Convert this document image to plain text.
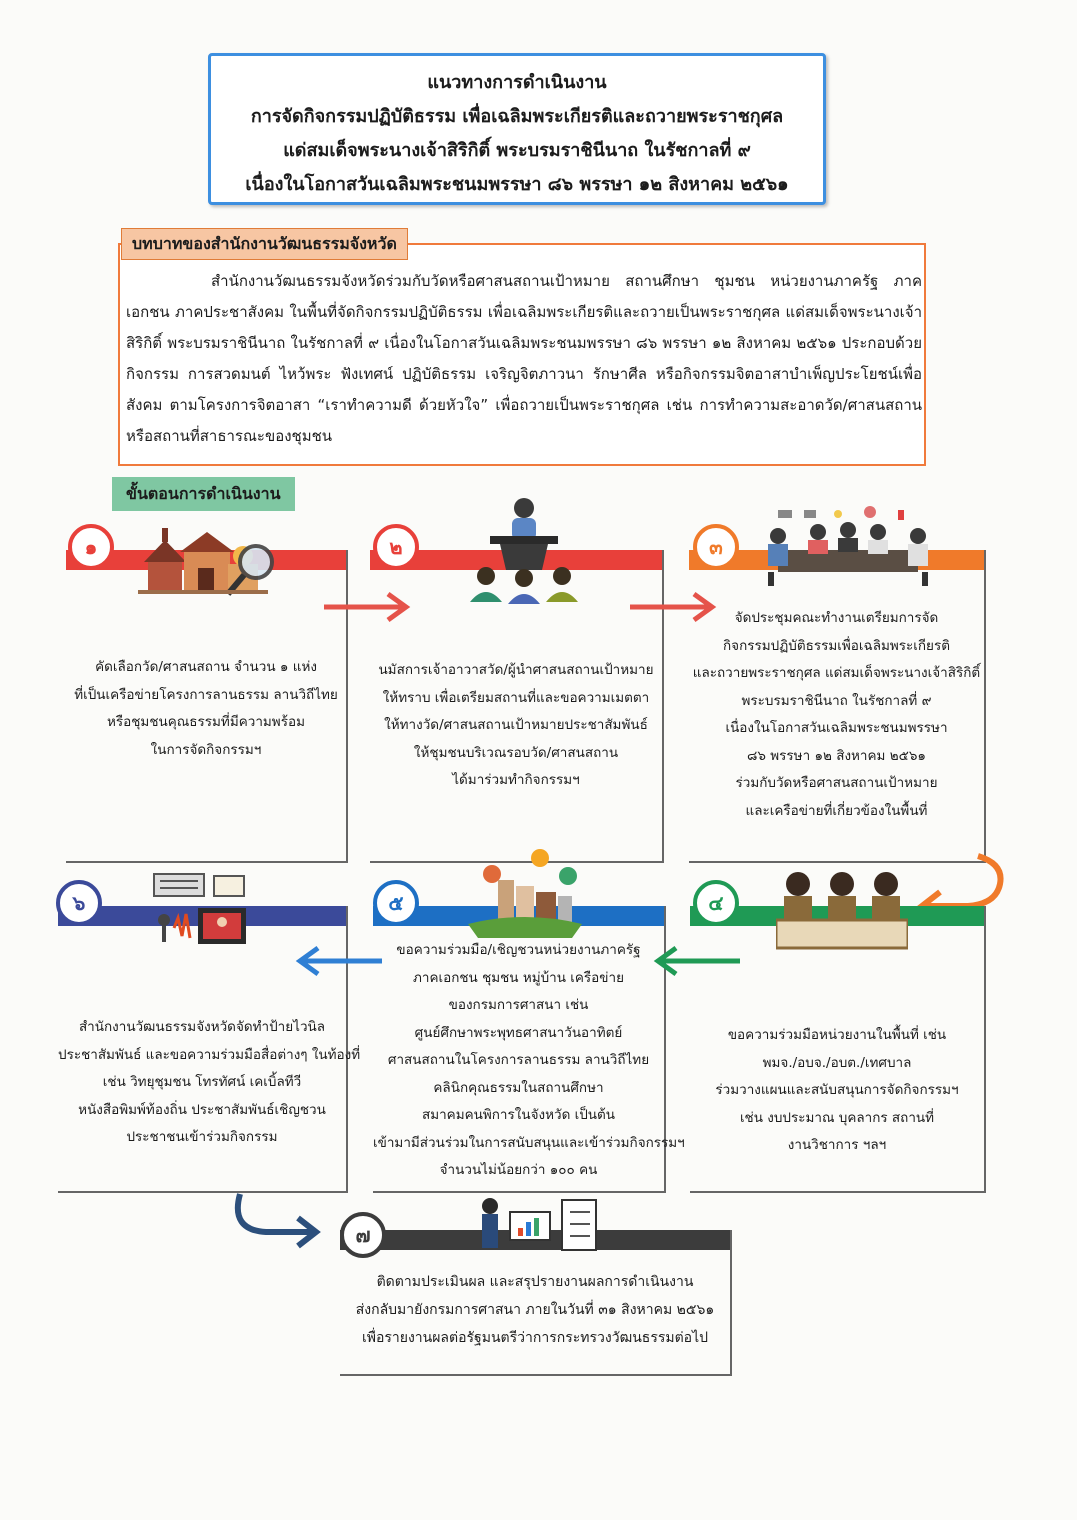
แนวทางการดำเนินงาน
การจัดกิจกรรมปฏิบัติธรรม เพื่อเฉลิมพระเกียรติและถวายพระราชกุศล
แด่สมเด็จพระนางเจ้าสิริกิติ์ พระบรมราชินีนาถ ในรัชกาลที่ ๙
เนื่องในโอกาสวันเฉลิมพระชนมพรรษา ๘๖ พรรษา ๑๒ สิงหาคม ๒๕๖๑
บทบาทของสำนักงานวัฒนธรรมจังหวัด
สำนักงานวัฒนธรรมจังหวัดร่วมกับวัดหรือศาสนสถานเป้าหมาย สถานศึกษา ชุมชน หน่วยงานภาครัฐ ภาคเอกชน ภาคประชาสังคม ในพื้นที่จัดกิจกรรมปฏิบัติธรรม เพื่อเฉลิมพระเกียรติและถวายเป็นพระราชกุศล แด่สมเด็จพระนางเจ้าสิริกิติ์ พระบรมราชินีนาถ ในรัชกาลที่ ๙ เนื่องในโอกาสวันเฉลิมพระชนมพรรษา ๘๖ พรรษา ๑๒ สิงหาคม ๒๕๖๑ ประกอบด้วยกิจกรรม การสวดมนต์ ไหว้พระ ฟังเทศน์ ปฏิบัติธรรม เจริญจิตภาวนา รักษาศีล หรือกิจกรรมจิตอาสาบำเพ็ญประโยชน์เพื่อสังคม ตามโครงการจิตอาสา “เราทำความดี ด้วยหัวใจ” เพื่อถวายเป็นพระราชกุศล เช่น การทำความสะอาดวัด/ศาสนสถาน หรือสถานที่สาธารณะของชุมชน
ขั้นตอนการดำเนินงาน
๑
คัดเลือกวัด/ศาสนสถาน จำนวน ๑ แห่ง
ที่เป็นเครือข่ายโครงการลานธรรม ลานวิถีไทย
หรือชุมชนคุณธรรมที่มีความพร้อม
ในการจัดกิจกรรมฯ
๒
นมัสการเจ้าอาวาสวัด/ผู้นำศาสนสถานเป้าหมาย
ให้ทราบ เพื่อเตรียมสถานที่และขอความเมตตา
ให้ทางวัด/ศาสนสถานเป้าหมายประชาสัมพันธ์
ให้ชุมชนบริเวณรอบวัด/ศาสนสถาน
ได้มาร่วมทำกิจกรรมฯ
๓
จัดประชุมคณะทำงานเตรียมการจัด
กิจกรรมปฏิบัติธรรมเพื่อเฉลิมพระเกียรติ
และถวายพระราชกุศล แด่สมเด็จพระนางเจ้าสิริกิติ์
พระบรมราชินีนาถ ในรัชกาลที่ ๙
เนื่องในโอกาสวันเฉลิมพระชนมพรรษา
๘๖ พรรษา ๑๒ สิงหาคม ๒๕๖๑
ร่วมกับวัดหรือศาสนสถานเป้าหมาย
และเครือข่ายที่เกี่ยวข้องในพื้นที่
๖
สำนักงานวัฒนธรรมจังหวัดจัดทำป้ายไวนิล
ประชาสัมพันธ์ และขอความร่วมมือสื่อต่างๆ ในท้องที่
เช่น วิทยุชุมชน โทรทัศน์ เคเบิ้ลทีวี
หนังสือพิมพ์ท้องถิ่น ประชาสัมพันธ์เชิญชวน
ประชาชนเข้าร่วมกิจกรรม
๕
ขอความร่วมมือ/เชิญชวนหน่วยงานภาครัฐ
ภาคเอกชน ชุมชน หมู่บ้าน เครือข่าย
ของกรมการศาสนา เช่น
ศูนย์ศึกษาพระพุทธศาสนาวันอาทิตย์
ศาสนสถานในโครงการลานธรรม ลานวิถีไทย
คลินิกคุณธรรมในสถานศึกษา
สมาคมคนพิการในจังหวัด เป็นต้น
เข้ามามีส่วนร่วมในการสนับสนุนและเข้าร่วมกิจกรรมฯ
จำนวนไม่น้อยกว่า ๑๐๐ คน
๔
ขอความร่วมมือหน่วยงานในพื้นที่ เช่น
พมจ./อบจ./อบต./เทศบาล
ร่วมวางแผนและสนับสนุนการจัดกิจกรรมฯ
เช่น งบประมาณ บุคลากร สถานที่
งานวิชาการ ฯลฯ
๗
ติดตามประเมินผล และสรุปรายงานผลการดำเนินงาน
ส่งกลับมายังกรมการศาสนา ภายในวันที่ ๓๑ สิงหาคม ๒๕๖๑
เพื่อรายงานผลต่อรัฐมนตรีว่าการกระทรวงวัฒนธรรมต่อไป
